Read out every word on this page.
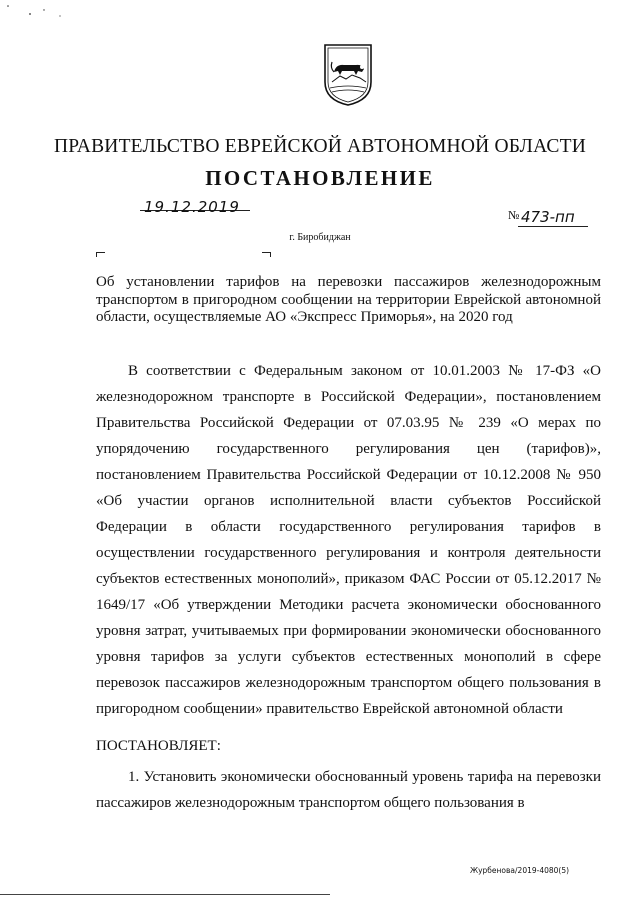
ПРАВИТЕЛЬСТВО ЕВРЕЙСКОЙ АВТОНОМНОЙ ОБЛАСТИ
ПОСТАНОВЛЕНИЕ
19.12.2019	№ 473-пп
г. Биробиджан
Об установлении тарифов на перевозки пассажиров железнодорожным транспортом в пригородном сообщении на территории Еврейской автономной области, осуществляемые АО «Экспресс Приморья», на 2020 год

В соответствии с Федеральным законом от 10.01.2003 № 17-ФЗ «О железнодорожном транспорте в Российской Федерации», постановлением Правительства Российской Федерации от 07.03.95 № 239 «О мерах по упорядочению государственного регулирования цен (тарифов)», постановлением Правительства Российской Федерации от 10.12.2008 № 950 «Об участии органов исполнительной власти субъектов Российской Федерации в области государственного регулирования тарифов в осуществлении государственного регулирования и контроля деятельности субъектов естественных монополий», приказом ФАС России от 05.12.2017 № 1649/17 «Об утверждении Методики расчета экономически обоснованного уровня затрат, учитываемых при формировании экономически обоснованного уровня тарифов за услуги субъектов естественных монополий в сфере перевозок пассажиров железнодорожным транспортом общего пользования в пригородном сообщении» правительство Еврейской автономной области

ПОСТАНОВЛЯЕТ:

1. Установить экономически обоснованный уровень тарифа на перевозки пассажиров железнодорожным транспортом общего пользования в

Журбенова/2019-4080(5)
